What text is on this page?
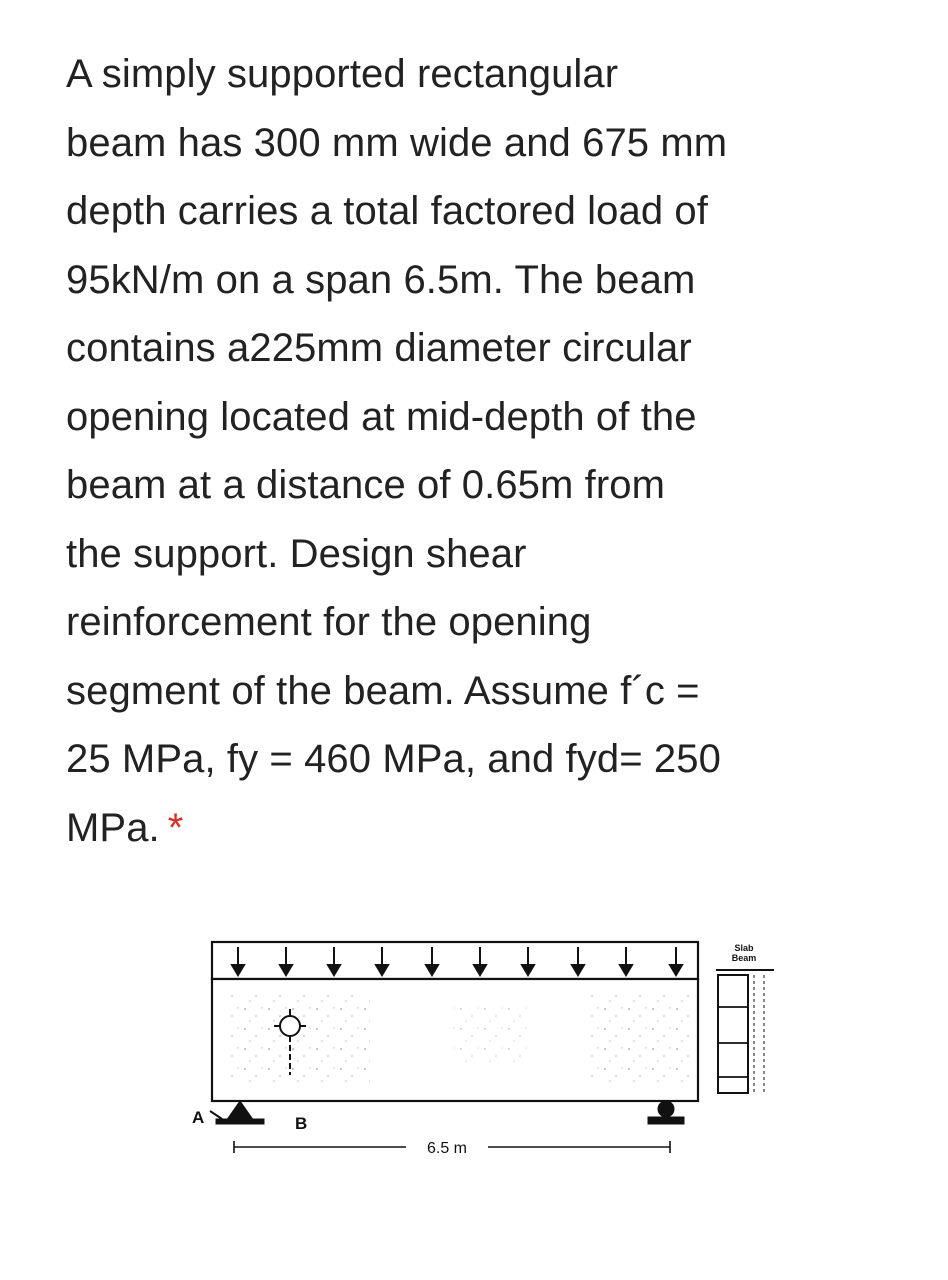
A simply supported rectangular
beam has 300 mm wide and 675 mm
depth carries a total factored load of
95kN/m on a span 6.5m. The beam
contains a225mm diameter circular
opening located at mid-depth of the
beam at a distance of 0.65m from
the support. Design shear
reinforcement for the opening
segment of the beam. Assume f´c =
25 MPa, fy = 460 MPa, and fyd= 250
MPa. *
A	B
6.5 m
Slab
Beam
